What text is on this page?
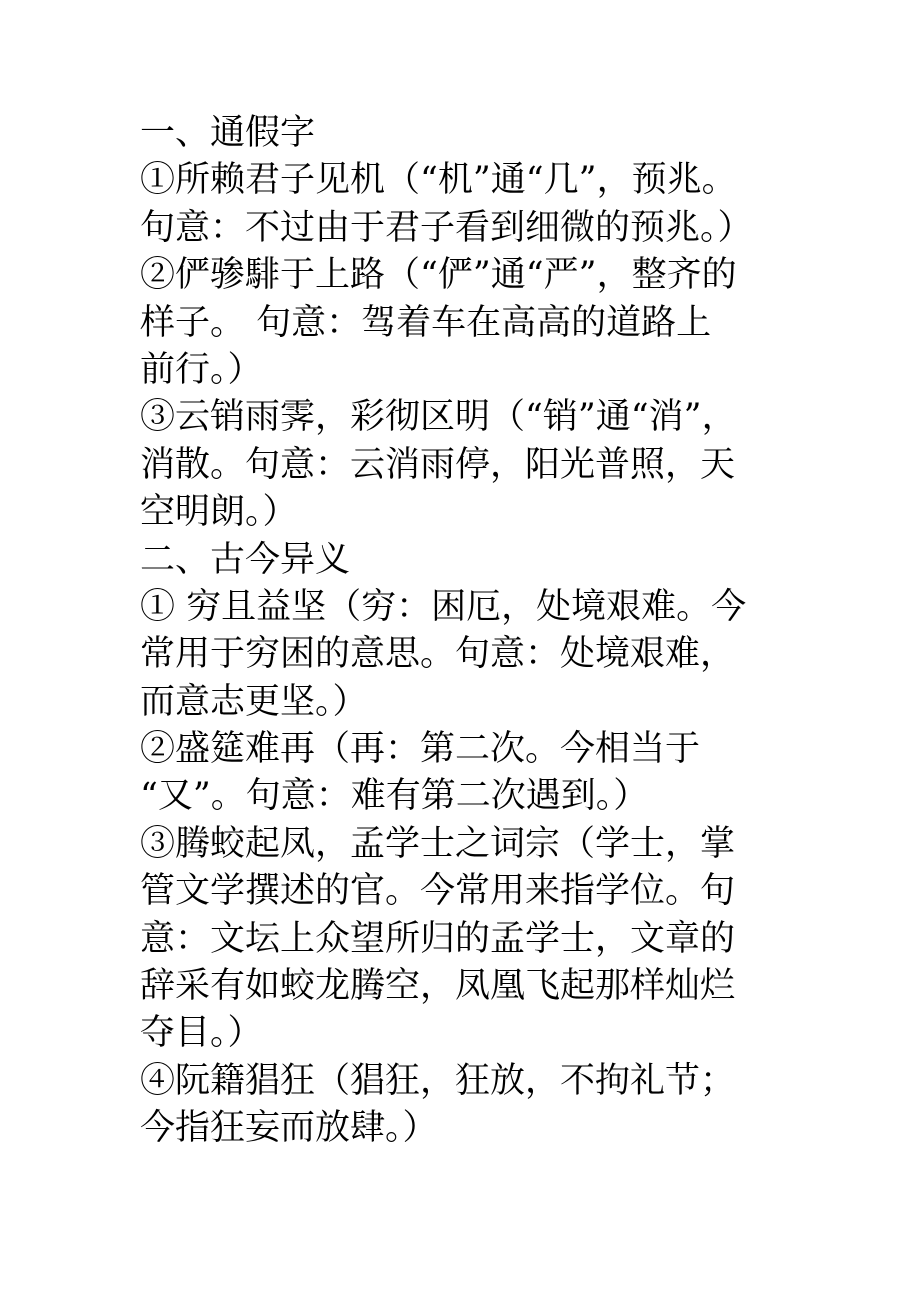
一、通假字
①所赖君子见机（“机”通“几”，预兆。
句意：不过由于君子看到细微的预兆。）
②俨骖騑于上路（“俨”通“严”，整齐的
样子。 句意：驾着车在高高的道路上
前行。）
③云销雨霁，彩彻区明（“销”通“消”，
消散。句意：云消雨停，阳光普照，天
空明朗。）
二、古今异义
① 穷且益坚（穷：困厄，处境艰难。今
常用于穷困的意思。句意：处境艰难，
而意志更坚。）
②盛筵难再（再：第二次。今相当于
“又”。句意：难有第二次遇到。）
③腾蛟起凤，孟学士之词宗（学士，掌
管文学撰述的官。今常用来指学位。句
意：文坛上众望所归的孟学士，文章的
辞采有如蛟龙腾空，凤凰飞起那样灿烂
夺目。）
④阮籍猖狂（猖狂，狂放，不拘礼节；
今指狂妄而放肆。）
